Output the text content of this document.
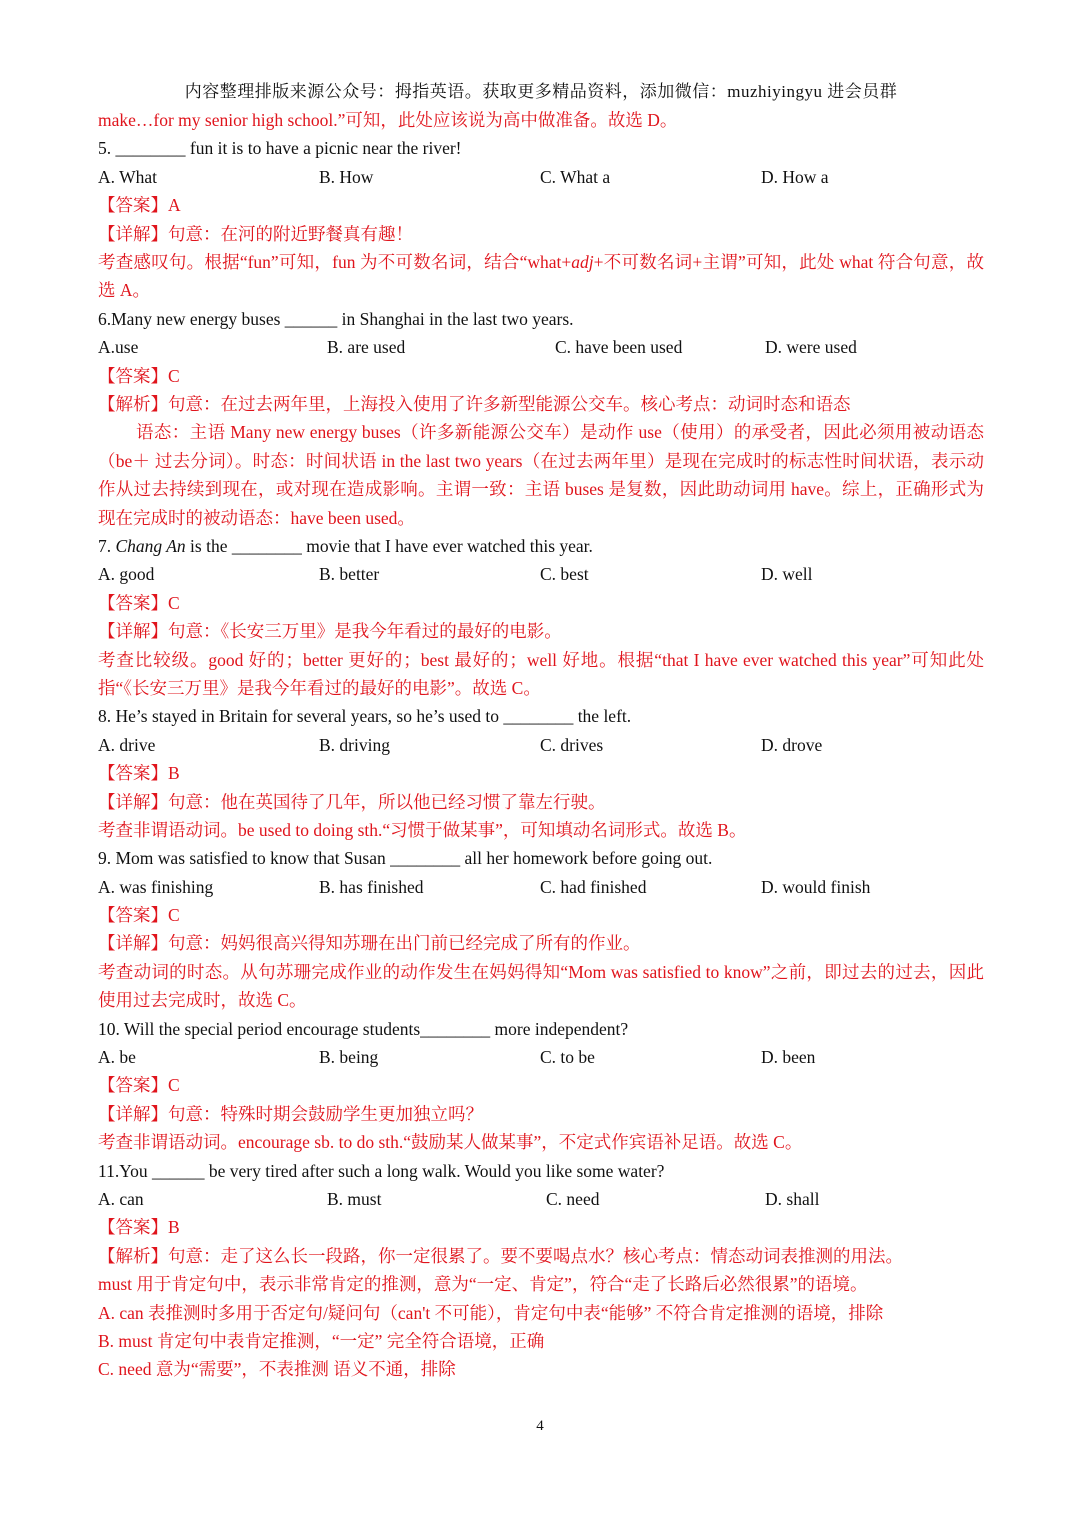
内容整理排版来源公众号：拇指英语。获取更多精品资料，添加微信：muzhiyingyu 进会员群
make…for my senior high school.”可知，此处应该说为高中做准备。故选 D。
5. ________ fun it is to have a picnic near the river!
A. What	B. How	C. What a	D. How a
【答案】A
【详解】句意：在河的附近野餐真有趣！
考查感叹句。根据“fun”可知，fun 为不可数名词，结合“what+adj+不可数名词+主谓”可知，此处 what 符合句意，故选 A。
6.Many new energy buses ______ in Shanghai in the last two years.
A.use	B. are used	C. have been used	D. were used
【答案】C
【解析】句意：在过去两年里，上海投入使用了许多新型能源公交车。核心考点：动词时态和语态
语态：主语 Many new energy buses（许多新能源公交车）是动作 use（使用）的承受者，因此必须用被动语态（be＋ 过去分词）。时态：时间状语 in the last two years（在过去两年里）是现在完成时的标志性时间状语，表示动作从过去持续到现在，或对现在造成影响。主谓一致：主语 buses 是复数，因此助动词用 have。综上，正确形式为 现在完成时的被动语态：have been used。
7. Chang An is the ________ movie that I have ever watched this year.
A. good	B. better	C. best	D. well
【答案】C
【详解】句意：《长安三万里》是我今年看过的最好的电影。
考查比较级。good 好的；better 更好的；best 最好的；well 好地。根据“that I have ever watched this year”可知此处指“《长安三万里》是我今年看过的最好的电影”。故选 C。
8. He’s stayed in Britain for several years, so he’s used to ________ the left.
A. drive	B. driving	C. drives	D. drove
【答案】B
【详解】句意：他在英国待了几年，所以他已经习惯了靠左行驶。
考查非谓语动词。be used to doing sth.“习惯于做某事”，可知填动名词形式。故选 B。
9. Mom was satisfied to know that Susan ________ all her homework before going out.
A. was finishing	B. has finished	C. had finished	D. would finish
【答案】C
【详解】句意：妈妈很高兴得知苏珊在出门前已经完成了所有的作业。
考查动词的时态。从句苏珊完成作业的动作发生在妈妈得知“Mom was satisfied to know”之前，即过去的过去，因此使用过去完成时，故选 C。
10. Will the special period encourage students________ more independent?
A. be	B. being	C. to be	D. been
【答案】C
【详解】句意：特殊时期会鼓励学生更加独立吗？
考查非谓语动词。encourage sb. to do sth.“鼓励某人做某事”，不定式作宾语补足语。故选 C。
11.You ______ be very tired after such a long walk. Would you like some water?
A. can	B. must	C. need	D. shall
【答案】B
【解析】句意：走了这么长一段路，你一定很累了。要不要喝点水？核心考点：情态动词表推测的用法。
must 用于肯定句中，表示非常肯定的推测，意为“一定、肯定”，符合“走了长路后必然很累”的语境。
A. can 表推测时多用于否定句/疑问句（can't 不可能），肯定句中表“能够” 不符合肯定推测的语境，排除
B. must 肯定句中表肯定推测，“一定” 完全符合语境，正确
C. need 意为“需要”，不表推测 语义不通，排除
4
